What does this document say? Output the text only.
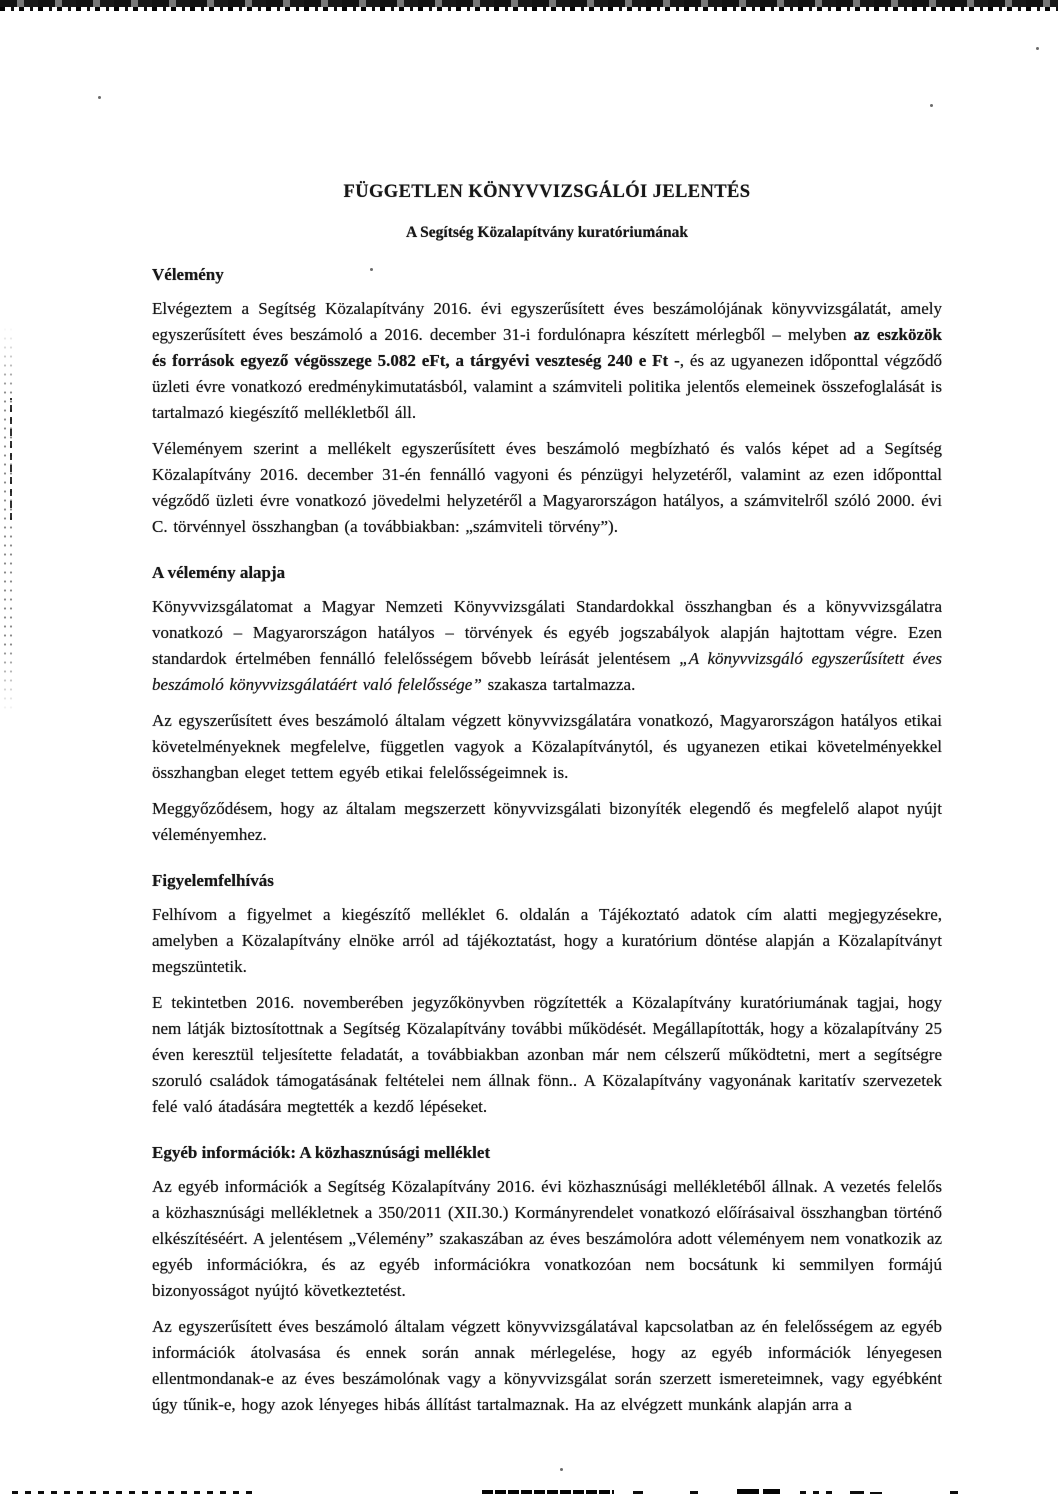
FÜGGETLEN KÖNYVVIZSGÁLÓI JELENTÉS
A Segítség Közalapítvány kuratóriumának
Vélemény

Elvégeztem a Segítség Közalapítvány 2016. évi egyszerűsített éves beszámolójának könyvvizsgálatát, amely egyszerűsített éves beszámoló a 2016. december 31-i fordulónapra készített mérlegből – melyben az eszközök és források egyező végösszege 5.082 eFt, a tárgyévi veszteség 240 e Ft -, és az ugyanezen időponttal végződő üzleti évre vonatkozó eredménykimutatásból, valamint a számviteli politika jelentős elemeinek összefoglalását is tartalmazó kiegészítő mellékletből áll.

Véleményem szerint a mellékelt egyszerűsített éves beszámoló megbízható és valós képet ad a Segítség Közalapítvány 2016. december 31-én fennálló vagyoni és pénzügyi helyzetéről, valamint az ezen időponttal végződő üzleti évre vonatkozó jövedelmi helyzetéről a Magyarországon hatályos, a számvitelről szóló 2000. évi C. törvénnyel összhangban (a továbbiakban: „számviteli törvény”).

A vélemény alapja

Könyvvizsgálatomat a Magyar Nemzeti Könyvvizsgálati Standardokkal összhangban és a könyvvizsgálatra vonatkozó – Magyarországon hatályos – törvények és egyéb jogszabályok alapján hajtottam végre. Ezen standardok értelmében fennálló felelősségem bővebb leírását jelentésem „A könyvvizsgáló egyszerűsített éves beszámoló könyvvizsgálatáért való felelőssége” szakasza tartalmazza.

Az egyszerűsített éves beszámoló általam végzett könyvvizsgálatára vonatkozó, Magyarországon hatályos etikai követelményeknek megfelelve, független vagyok a Közalapítványtól, és ugyanezen etikai követelményekkel összhangban eleget tettem egyéb etikai felelősségeimnek is.

Meggyőződésem, hogy az általam megszerzett könyvvizsgálati bizonyíték elegendő és megfelelő alapot nyújt véleményemhez.

Figyelemfelhívás

Felhívom a figyelmet a kiegészítő melléklet 6. oldalán a Tájékoztató adatok cím alatti megjegyzésekre, amelyben a Közalapítvány elnöke arról ad tájékoztatást, hogy a kuratórium döntése alapján a Közalapítványt megszüntetik.

E tekintetben 2016. novemberében jegyzőkönyvben rögzítették a Közalapítvány kuratóriumának tagjai, hogy nem látják biztosítottnak a Segítség Közalapítvány további működését. Megállapították, hogy a közalapítvány 25 éven keresztül teljesítette feladatát, a továbbiakban azonban már nem célszerű működtetni, mert a segítségre szoruló családok támogatásának feltételei nem állnak fönn.. A Közalapítvány vagyonának karitatív szervezetek felé való átadására megtették a kezdő lépéseket.

Egyéb információk: A közhasznúsági melléklet

Az egyéb információk a Segítség Közalapítvány 2016. évi közhasznúsági mellékletéből állnak. A vezetés felelős a közhasznúsági mellékletnek a 350/2011 (XII.30.) Kormányrendelet vonatkozó előírásaival összhangban történő elkészítéséért. A jelentésem „Vélemény” szakaszában az éves beszámolóra adott véleményem nem vonatkozik az egyéb információkra, és az egyéb információkra vonatkozóan nem bocsátunk ki semmilyen formájú bizonyosságot nyújtó következtetést.

Az egyszerűsített éves beszámoló általam végzett könyvvizsgálatával kapcsolatban az én felelősségem az egyéb információk átolvasása és ennek során annak mérlegelése, hogy az egyéb információk lényegesen ellentmondanak-e az éves beszámolónak vagy a könyvvizsgálat során szerzett ismereteimnek, vagy egyébként úgy tűnik-e, hogy azok lényeges hibás állítást tartalmaznak. Ha az elvégzett munkánk alapján arra a
